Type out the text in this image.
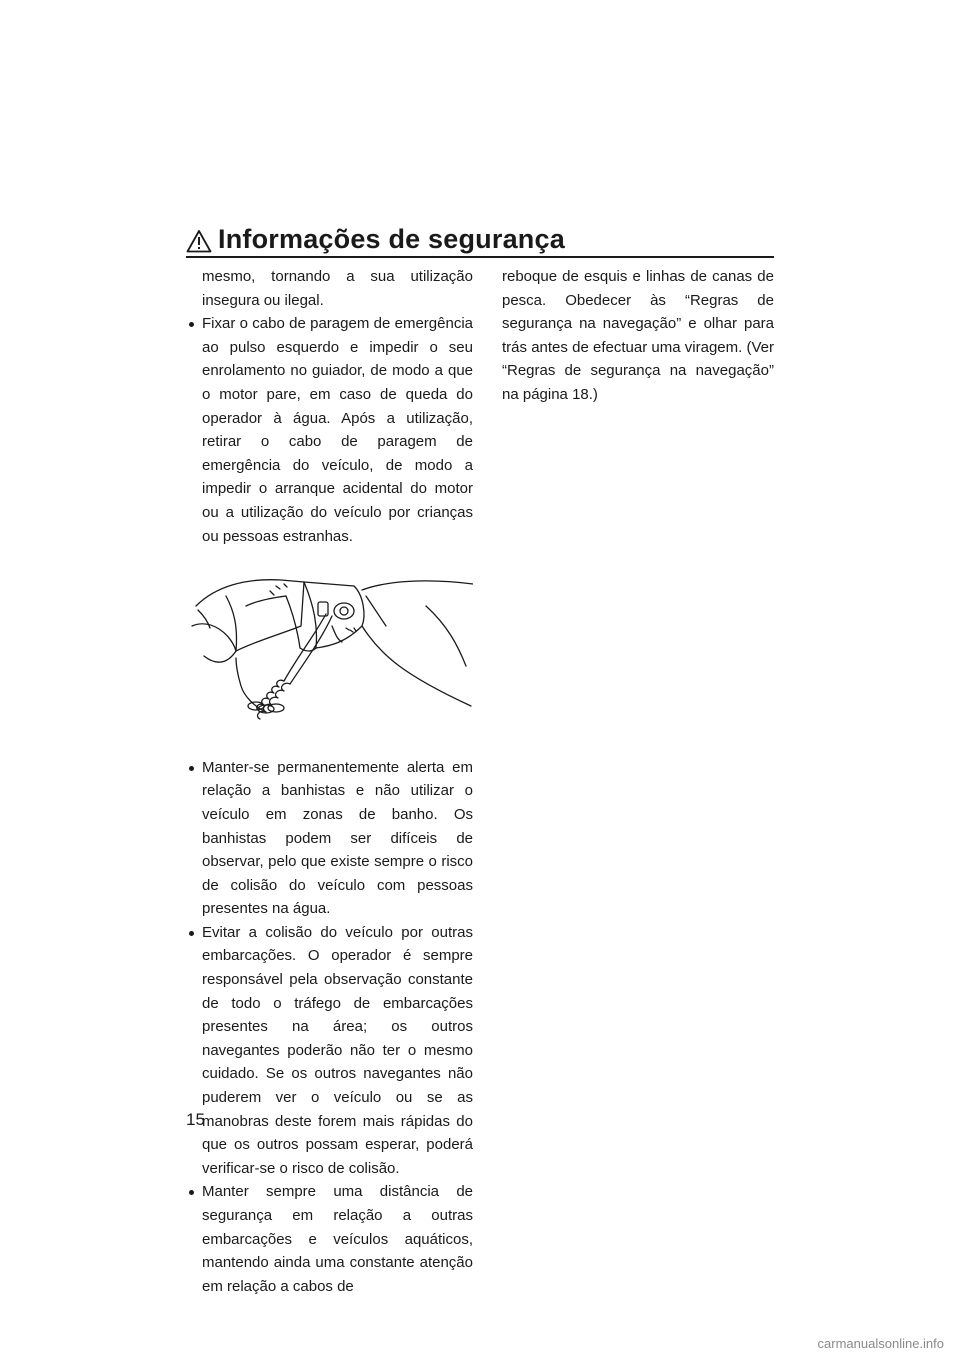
Informações de segurança

mesmo, tornando a sua utilização insegura ou ilegal.

Fixar o cabo de paragem de emergência ao pulso esquerdo e impedir o seu enrolamento no guiador, de modo a que o motor pare, em caso de queda do operador à água. Após a utilização, retirar o cabo de paragem de emergência do veículo, de modo a impedir o arranque acidental do motor ou a utilização do veículo por crianças ou pessoas estranhas.

Manter-se permanentemente alerta em relação a banhistas e não utilizar o veículo em zonas de banho. Os banhistas podem ser difíceis de observar, pelo que existe sempre o risco de colisão do veículo com pessoas presentes na água.

Evitar a colisão do veículo por outras embarcações. O operador é sempre responsável pela observação constante de todo o tráfego de embarcações presentes na área; os outros navegantes poderão não ter o mesmo cuidado. Se os outros navegantes não puderem ver o veículo ou se as manobras deste forem mais rápidas do que os outros possam esperar, poderá verificar-se o risco de colisão.

Manter sempre uma distância de segurança em relação a outras embarcações e veículos aquáticos, mantendo ainda uma constante atenção em relação a cabos de

reboque de esquis e linhas de canas de pesca. Obedecer às “Regras de segurança na navegação” e olhar para trás antes de efectuar uma viragem. (Ver “Regras de segurança na navegação” na página 18.)

15
carmanualsonline.info
